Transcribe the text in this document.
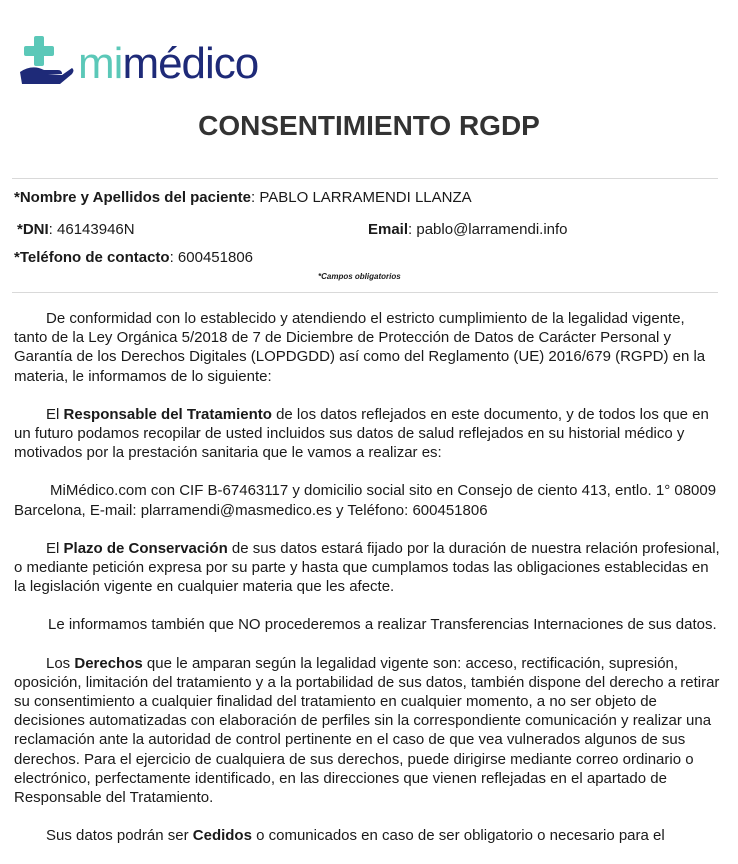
mimédico
CONSENTIMIENTO RGDP
*Nombre y Apellidos del paciente: PABLO LARRAMENDI LLANZA
*DNI: 46143946N	Email: pablo@larramendi.info
*Teléfono de contacto: 600451806
*Campos obligatorios

De conformidad con lo establecido y atendiendo el estricto cumplimiento de la legalidad vigente, tanto de la Ley Orgánica 5/2018 de 7 de Diciembre de Protección de Datos de Carácter Personal y Garantía de los Derechos Digitales (LOPDGDD) así como del Reglamento (UE) 2016/679 (RGPD) en la materia, le informamos de lo siguiente:

El Responsable del Tratamiento de los datos reflejados en este documento, y de todos los que en un futuro podamos recopilar de usted incluidos sus datos de salud reflejados en su historial médico y motivados por la prestación sanitaria que le vamos a realizar es:

MiMédico.com con CIF B-67463117 y domicilio social sito en Consejo de ciento 413, entlo. 1° 08009 Barcelona, E-mail: plarramendi@masmedico.es y Teléfono: 600451806

El Plazo de Conservación de sus datos estará fijado por la duración de nuestra relación profesional, o mediante petición expresa por su parte y hasta que cumplamos todas las obligaciones establecidas en la legislación vigente en cualquier materia que les afecte.

Le informamos también que NO procederemos a realizar Transferencias Internaciones de sus datos.

Los Derechos que le amparan según la legalidad vigente son: acceso, rectificación, supresión, oposición, limitación del tratamiento y a la portabilidad de sus datos, también dispone del derecho a retirar su consentimiento a cualquier finalidad del tratamiento en cualquier momento, a no ser objeto de decisiones automatizadas con elaboración de perfiles sin la correspondiente comunicación y realizar una reclamación ante la autoridad de control pertinente en el caso de que vea vulnerados algunos de sus derechos. Para el ejercicio de cualquiera de sus derechos, puede dirigirse mediante correo ordinario o electrónico, perfectamente identificado, en las direcciones que vienen reflejadas en el apartado de Responsable del Tratamiento.

Sus datos podrán ser Cedidos o comunicados en caso de ser obligatorio o necesario para el
